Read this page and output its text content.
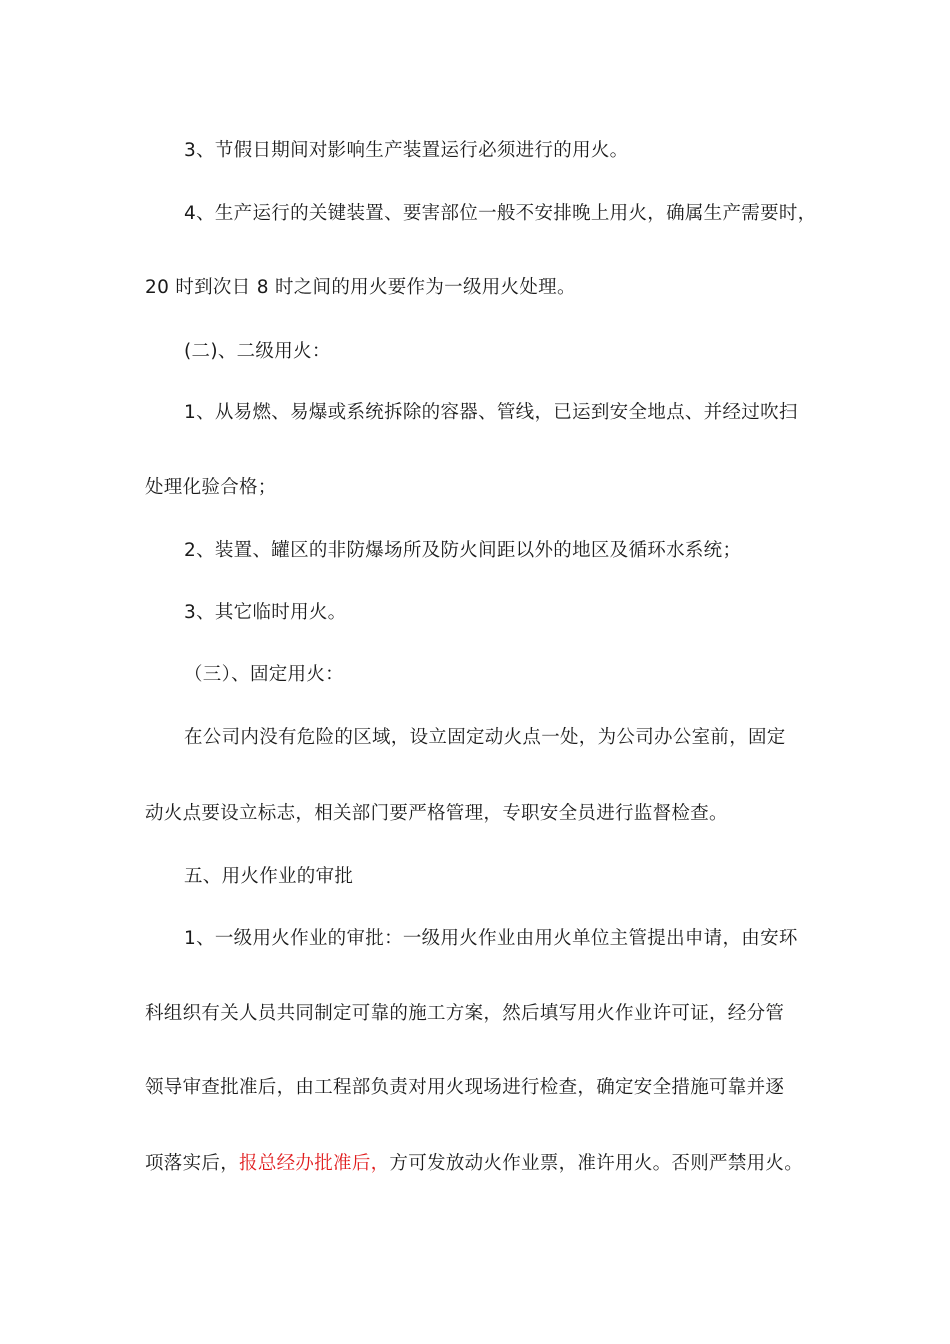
3、节假日期间对影响生产装置运行必须进行的用火。
4、生产运行的关键装置、要害部位一般不安排晚上用火，确属生产需要时，
20 时到次日 8 时之间的用火要作为一级用火处理。
(二)、二级用火：
1、从易燃、易爆或系统拆除的容器、管线，已运到安全地点、并经过吹扫
处理化验合格；
2、装置、罐区的非防爆场所及防火间距以外的地区及循环水系统；
3、其它临时用火。
（三）、固定用火：
在公司内没有危险的区域，设立固定动火点一处，为公司办公室前，固定
动火点要设立标志，相关部门要严格管理，专职安全员进行监督检查。
五、用火作业的审批
1、一级用火作业的审批：一级用火作业由用火单位主管提出申请，由安环
科组织有关人员共同制定可靠的施工方案，然后填写用火作业许可证，经分管
领导审查批准后，由工程部负责对用火现场进行检查，确定安全措施可靠并逐
项落实后，报总经办批准后，方可发放动火作业票，准许用火。否则严禁用火。
